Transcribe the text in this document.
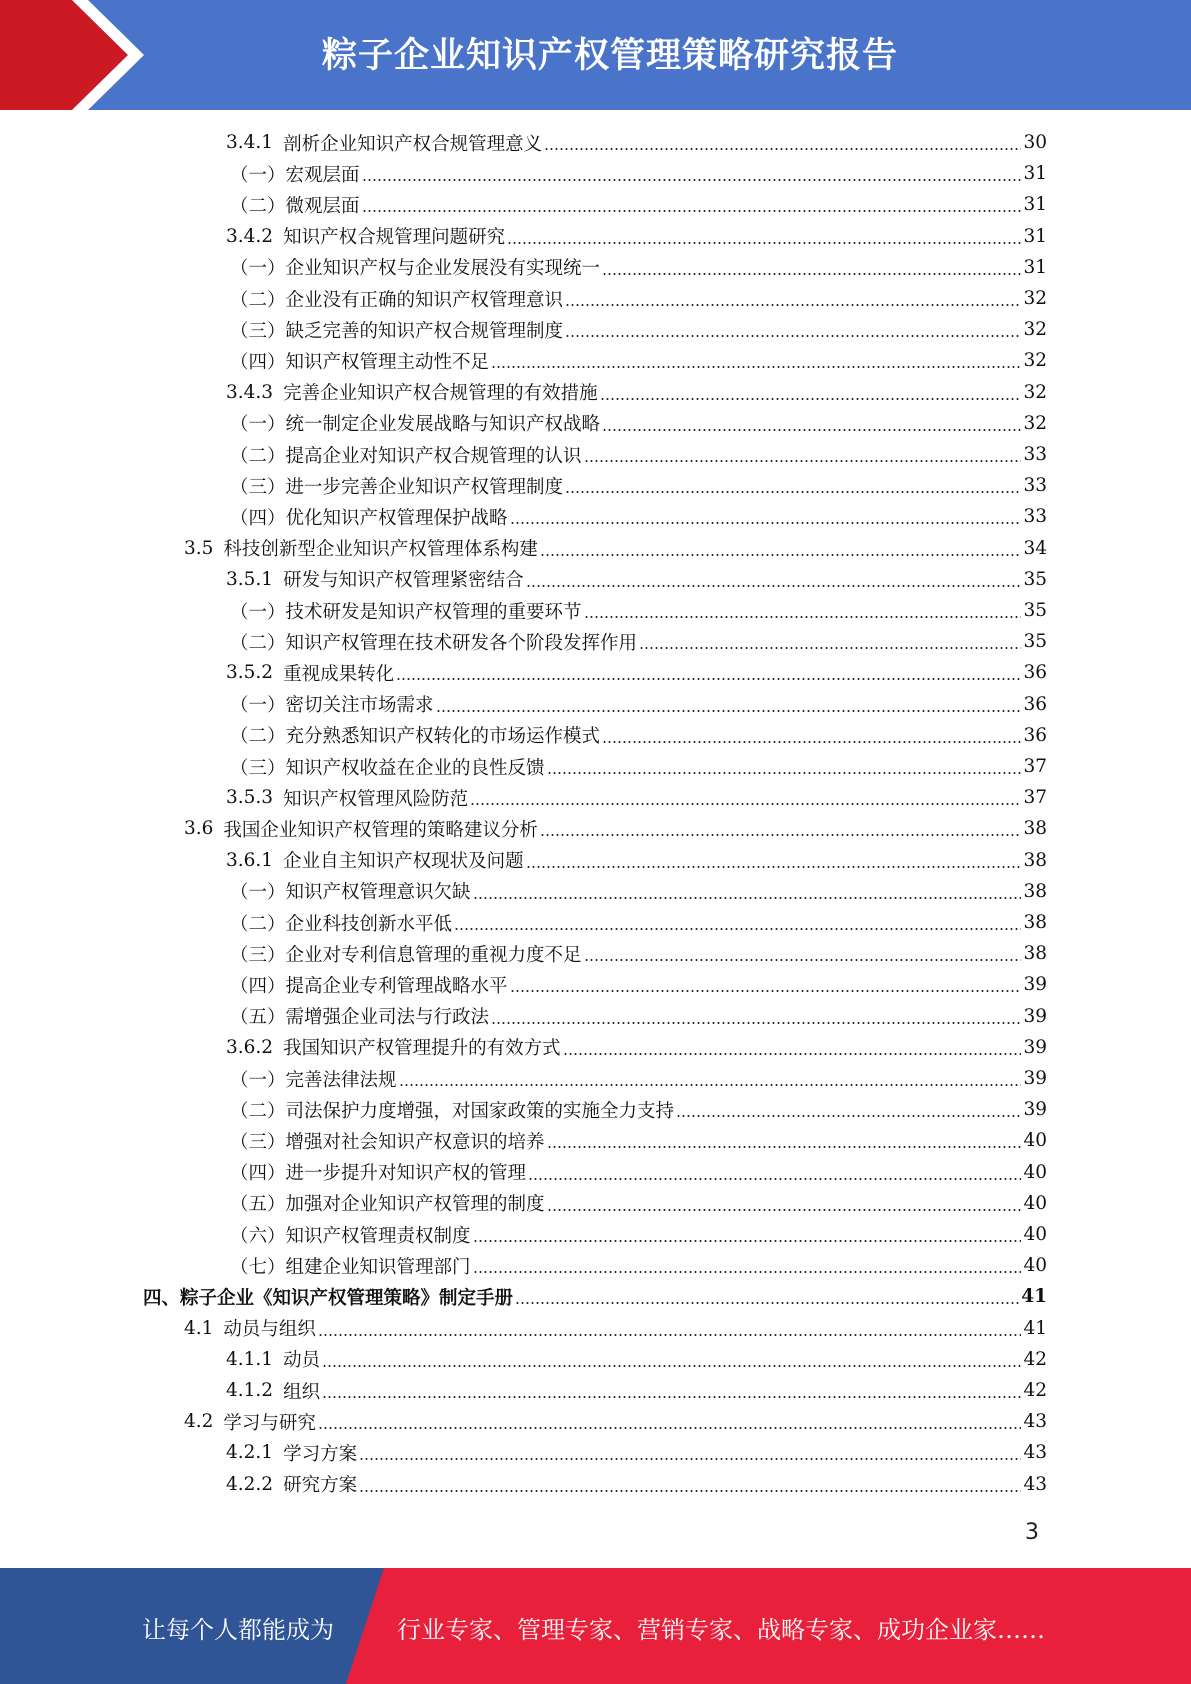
粽子企业知识产权管理策略研究报告
3.4.1 剖析企业知识产权合规管理意义	30
（一） 宏观层面	31
（二） 微观层面	31
3.4.2 知识产权合规管理问题研究	31
（一） 企业知识产权与企业发展没有实现统一	31
（二） 企业没有正确的知识产权管理意识	32
（三） 缺乏完善的知识产权合规管理制度	32
（四） 知识产权管理主动性不足	32
3.4.3 完善企业知识产权合规管理的有效措施	32
（一） 统一制定企业发展战略与知识产权战略	32
（二） 提高企业对知识产权合规管理的认识	33
（三） 进一步完善企业知识产权管理制度	33
（四） 优化知识产权管理保护战略	33
3.5 科技创新型企业知识产权管理体系构建	34
3.5.1 研发与知识产权管理紧密结合	35
（一） 技术研发是知识产权管理的重要环节	35
（二） 知识产权管理在技术研发各个阶段发挥作用	35
3.5.2 重视成果转化	36
（一） 密切关注市场需求	36
（二） 充分熟悉知识产权转化的市场运作模式	36
（三） 知识产权收益在企业的良性反馈	37
3.5.3 知识产权管理风险防范	37
3.6 我国企业知识产权管理的策略建议分析	38
3.6.1 企业自主知识产权现状及问题	38
（一） 知识产权管理意识欠缺	38
（二） 企业科技创新水平低	38
（三） 企业对专利信息管理的重视力度不足	38
（四） 提高企业专利管理战略水平	39
（五） 需增强企业司法与行政法	39
3.6.2 我国知识产权管理提升的有效方式	39
（一） 完善法律法规	39
（二） 司法保护力度增强，对国家政策的实施全力支持	39
（三） 增强对社会知识产权意识的培养	40
（四） 进一步提升对知识产权的管理	40
（五） 加强对企业知识产权管理的制度	40
（六） 知识产权管理责权制度	40
（七） 组建企业知识管理部门	40
四、 粽子企业《知识产权管理策略》制定手册	41
4.1 动员与组织	41
4.1.1 动员	42
4.1.2 组织	42
4.2 学习与研究	43
4.2.1 学习方案	43
4.2.2 研究方案	43
3
让每个人都能成为	行业专家、管理专家、营销专家、战略专家、成功企业家……
